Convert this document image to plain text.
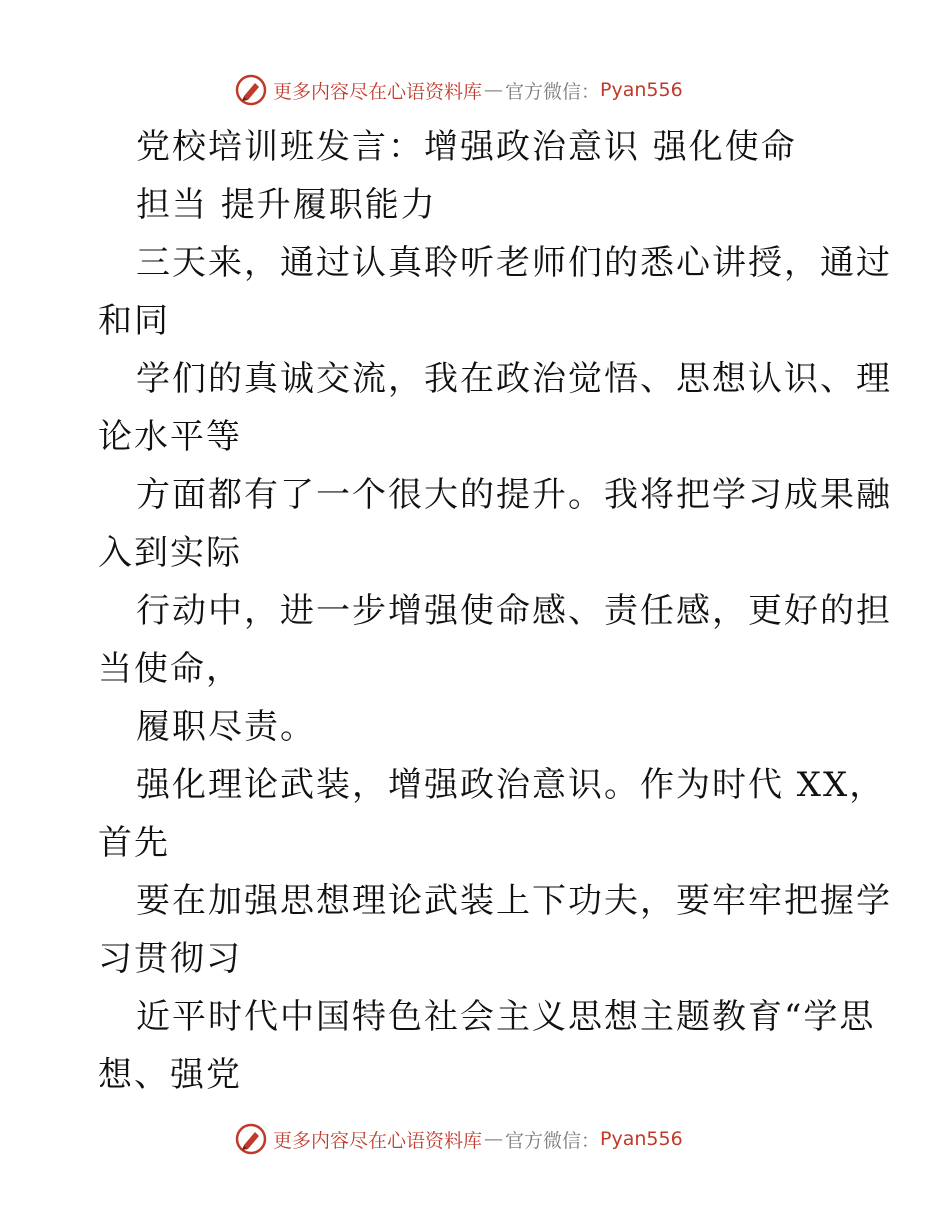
更多内容尽在心语资料库 — 官方微信： Pyan556
党校培训班发言：增强政治意识 强化使命
担当 提升履职能力
三天来，通过认真聆听老师们的悉心讲授，通过
和同
学们的真诚交流，我在政治觉悟、思想认识、理
论水平等
方面都有了一个很大的提升。我将把学习成果融
入到实际
行动中，进一步增强使命感、责任感，更好的担
当使命，
履职尽责。
强化理论武装，增强政治意识。作为时代 XX，
首先
要在加强思想理论武装上下功夫，要牢牢把握学
习贯彻习
近平时代中国特色社会主义思想主题教育“学思
想、强党
更多内容尽在心语资料库 — 官方微信： Pyan556
